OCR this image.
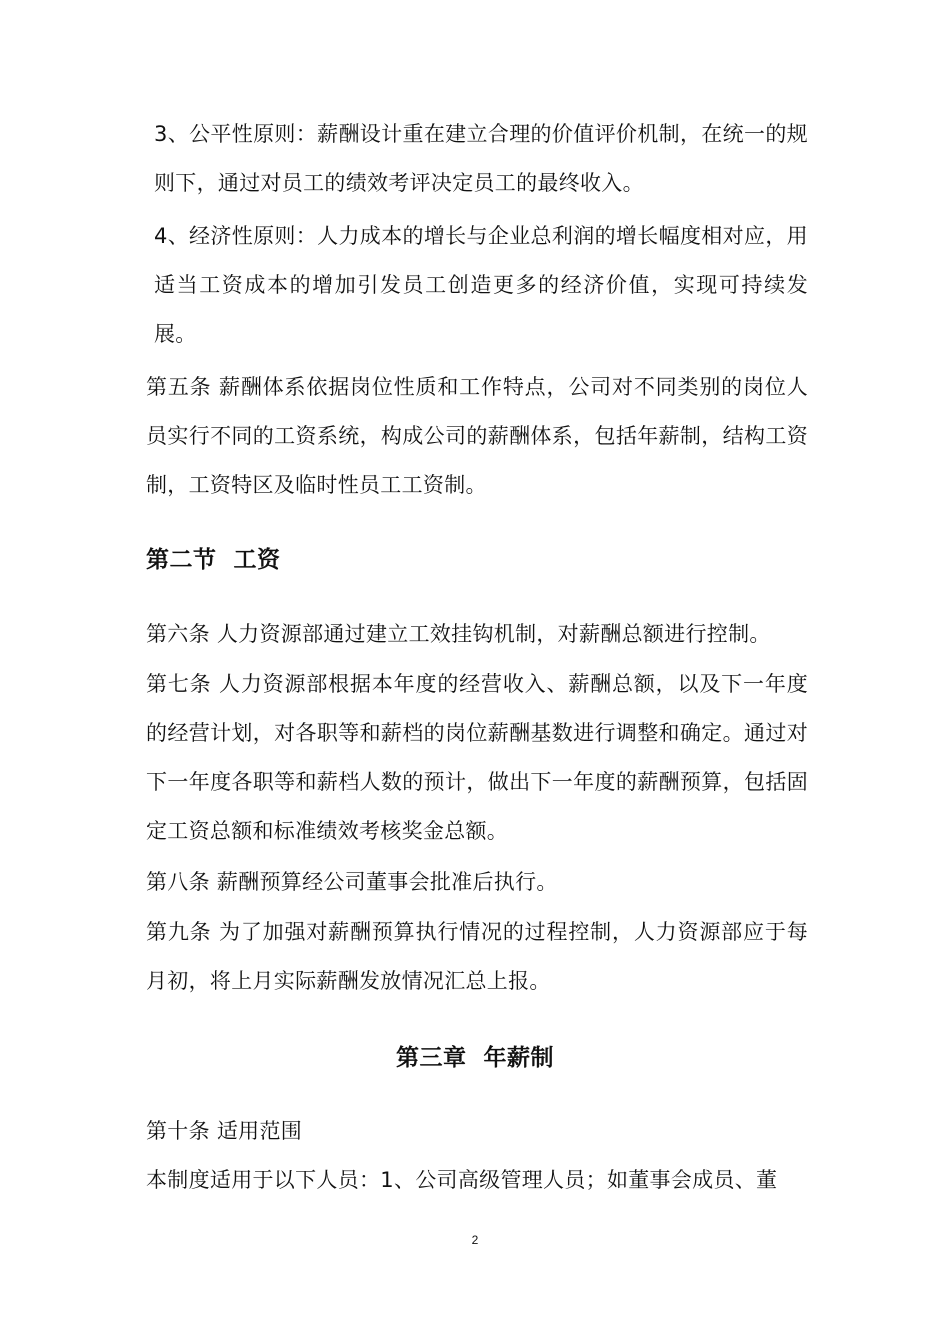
3、公平性原则：薪酬设计重在建立合理的价值评价机制，在统一的规则下，通过对员工的绩效考评决定员工的最终收入。

4、经济性原则：人力成本的增长与企业总利润的增长幅度相对应，用适当工资成本的增加引发员工创造更多的经济价值，实现可持续发展。

第五条 薪酬体系依据岗位性质和工作特点，公司对不同类别的岗位人员实行不同的工资系统，构成公司的薪酬体系，包括年薪制，结构工资制，工资特区及临时性员工工资制。

第二节  工资

第六条 人力资源部通过建立工效挂钩机制，对薪酬总额进行控制。

第七条 人力资源部根据本年度的经营收入、薪酬总额，以及下一年度的经营计划，对各职等和薪档的岗位薪酬基数进行调整和确定。通过对下一年度各职等和薪档人数的预计，做出下一年度的薪酬预算，包括固定工资总额和标准绩效考核奖金总额。

第八条 薪酬预算经公司董事会批准后执行。

第九条 为了加强对薪酬预算执行情况的过程控制，人力资源部应于每月初，将上月实际薪酬发放情况汇总上报。

第三章  年薪制

第十条 适用范围

本制度适用于以下人员：1、公司高级管理人员；如董事会成员、董

2
